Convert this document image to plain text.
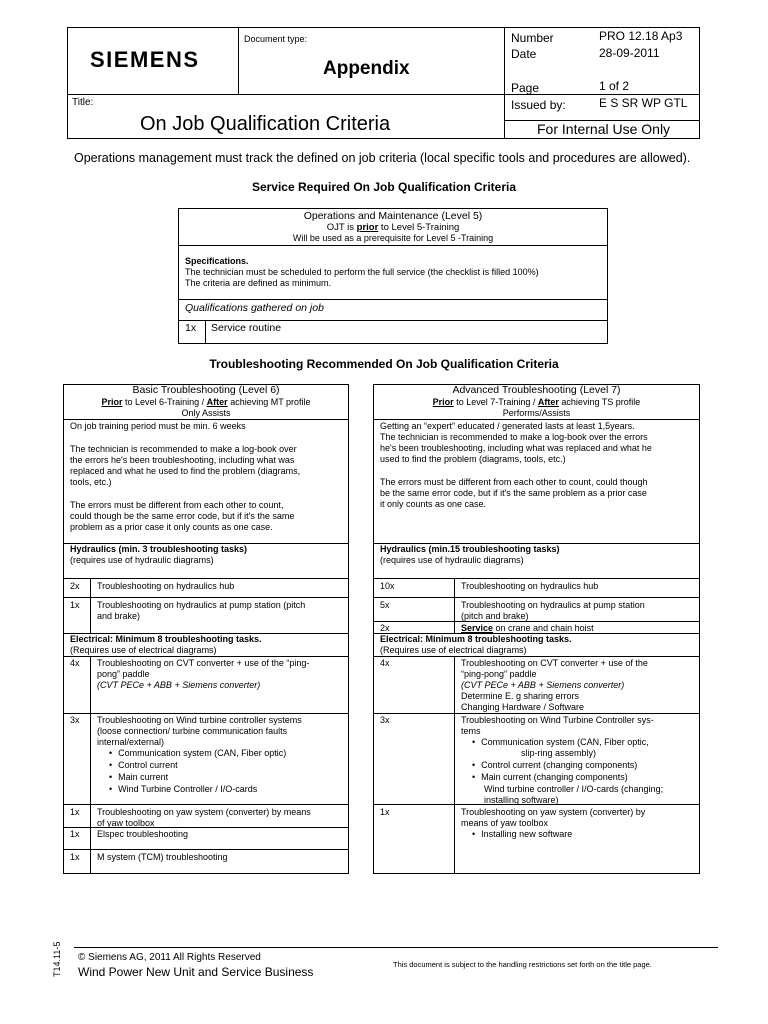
SIEMENS
Document type:
Appendix
Title:
On Job Qualification Criteria
Number	PRO 12.18 Ap3
Date	28-09-2011
Page	1 of 2
Issued by:	E S SR WP GTL
For Internal Use Only
Operations management must track the defined on job criteria (local specific tools and procedures are allowed).
Service Required On Job Qualification Criteria
Operations and Maintenance (Level 5)
OJT is prior to Level 5-Training
Will be used as a prerequisite for Level 5 -Training
Specifications.
The technician must be scheduled to perform the full service (the checklist is filled 100%)
The criteria are defined as minimum.
Qualifications gathered on job
1x Service routine
Troubleshooting Recommended On Job Qualification Criteria
Basic Troubleshooting (Level 6)
Prior to Level 6-Training / After achieving MT profile
Only Assists
On job training period must be min. 6 weeks
The technician is recommended to make a log-book over
the errors he's been troubleshooting, including what was
replaced and what he used to find the problem (diagrams,
tools, etc.)
The errors must be different from each other to count,
could though be the same error code, but if it's the same
problem as a prior case it only counts as one case.
Hydraulics (min. 3 troubleshooting tasks)
(requires use of hydraulic diagrams)
2x Troubleshooting on hydraulics hub
1x Troubleshooting on hydraulics at pump station (pitch
and brake)
Electrical: Minimum 8 troubleshooting tasks.
(Requires use of electrical diagrams)
4x Troubleshooting on CVT converter + use of the “ping-
pong” paddle
(CVT PECe + ABB + Siemens converter)
3x Troubleshooting on Wind turbine controller systems
(loose connection/ turbine communication faults
internal/external)
• Communication system (CAN, Fiber optic)
• Control current
• Main current
• Wind Turbine Controller / I/O-cards
1x Troubleshooting on yaw system (converter) by means
of yaw toolbox
1x Elspec troubleshooting
1x M system (TCM) troubleshooting
Advanced Troubleshooting (Level 7)
Prior to Level 7-Training / After achieving TS profile
Performs/Assists
Getting an “expert” educated / generated lasts at least 1,5years.
The technician is recommended to make a log-book over the errors
he's been troubleshooting, including what was replaced and what he
used to find the problem (diagrams, tools, etc.)
The errors must be different from each other to count, could though
be the same error code, but if it's the same problem as a prior case
it only counts as one case.
Hydraulics (min.15 troubleshooting tasks)
(requires use of hydraulic diagrams)
10x	Troubleshooting on hydraulics hub
5x	Troubleshooting on hydraulics at pump station
(pitch and brake)
2x	Service on crane and chain hoist
Electrical: Minimum 8 troubleshooting tasks.
(Requires use of electrical diagrams)
4x	Troubleshooting on CVT converter + use of the
“ping-pong” paddle
(CVT PECe + ABB + Siemens converter)
Determine E. g sharing errors
Changing Hardware / Software
3x	Troubleshooting on Wind Turbine Controller sys-
tems
• Communication system (CAN, Fiber optic,
slip-ring assembly)
• Control current (changing components)
• Main current (changing components)
Wind turbine controller / I/O-cards (changing;
installing software)
1x	Troubleshooting on yaw system (converter) by
means of yaw toolbox
• Installing new software
T14.11-5 © Siemens AG, 2011 All Rights Reserved
Wind Power New Unit and Service Business
This document is subject to the handling restrictions set forth on the title page.
